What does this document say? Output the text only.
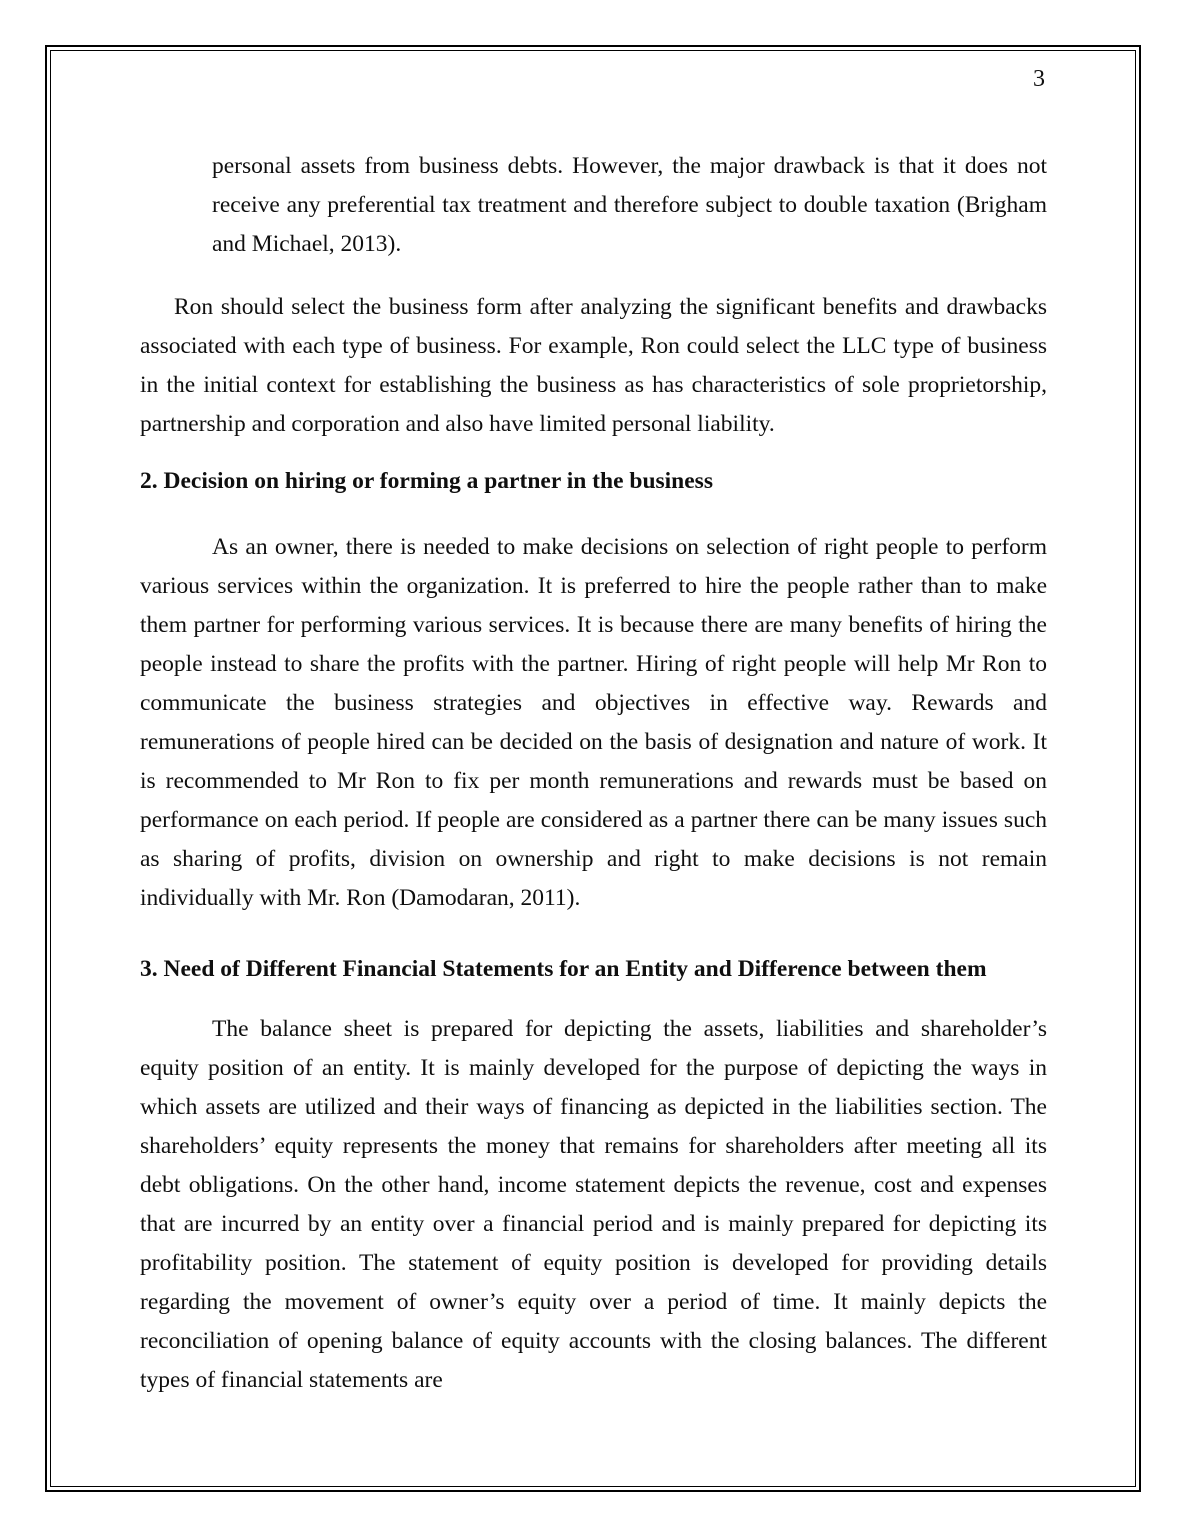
3

personal assets from business debts. However, the major drawback is that it does not receive any preferential tax treatment and therefore subject to double taxation (Brigham and Michael, 2013).

Ron should select the business form after analyzing the significant benefits and drawbacks associated with each type of business. For example, Ron could select the LLC type of business in the initial context for establishing the business as has characteristics of sole proprietorship, partnership and corporation and also have limited personal liability.

2. Decision on hiring or forming a partner in the business

As an owner, there is needed to make decisions on selection of right people to perform various services within the organization. It is preferred to hire the people rather than to make them partner for performing various services. It is because there are many benefits of hiring the people instead to share the profits with the partner. Hiring of right people will help Mr Ron to communicate the business strategies and objectives in effective way. Rewards and remunerations of people hired can be decided on the basis of designation and nature of work. It is recommended to Mr Ron to fix per month remunerations and rewards must be based on performance on each period. If people are considered as a partner there can be many issues such as sharing of profits, division on ownership and right to make decisions is not remain individually with Mr. Ron (Damodaran, 2011).

3. Need of Different Financial Statements for an Entity and Difference between them

The balance sheet is prepared for depicting the assets, liabilities and shareholder’s equity position of an entity. It is mainly developed for the purpose of depicting the ways in which assets are utilized and their ways of financing as depicted in the liabilities section. The shareholders’ equity represents the money that remains for shareholders after meeting all its debt obligations. On the other hand, income statement depicts the revenue, cost and expenses that are incurred by an entity over a financial period and is mainly prepared for depicting its profitability position. The statement of equity position is developed for providing details regarding the movement of owner’s equity over a period of time. It mainly depicts the reconciliation of opening balance of equity accounts with the closing balances. The different types of financial statements are
